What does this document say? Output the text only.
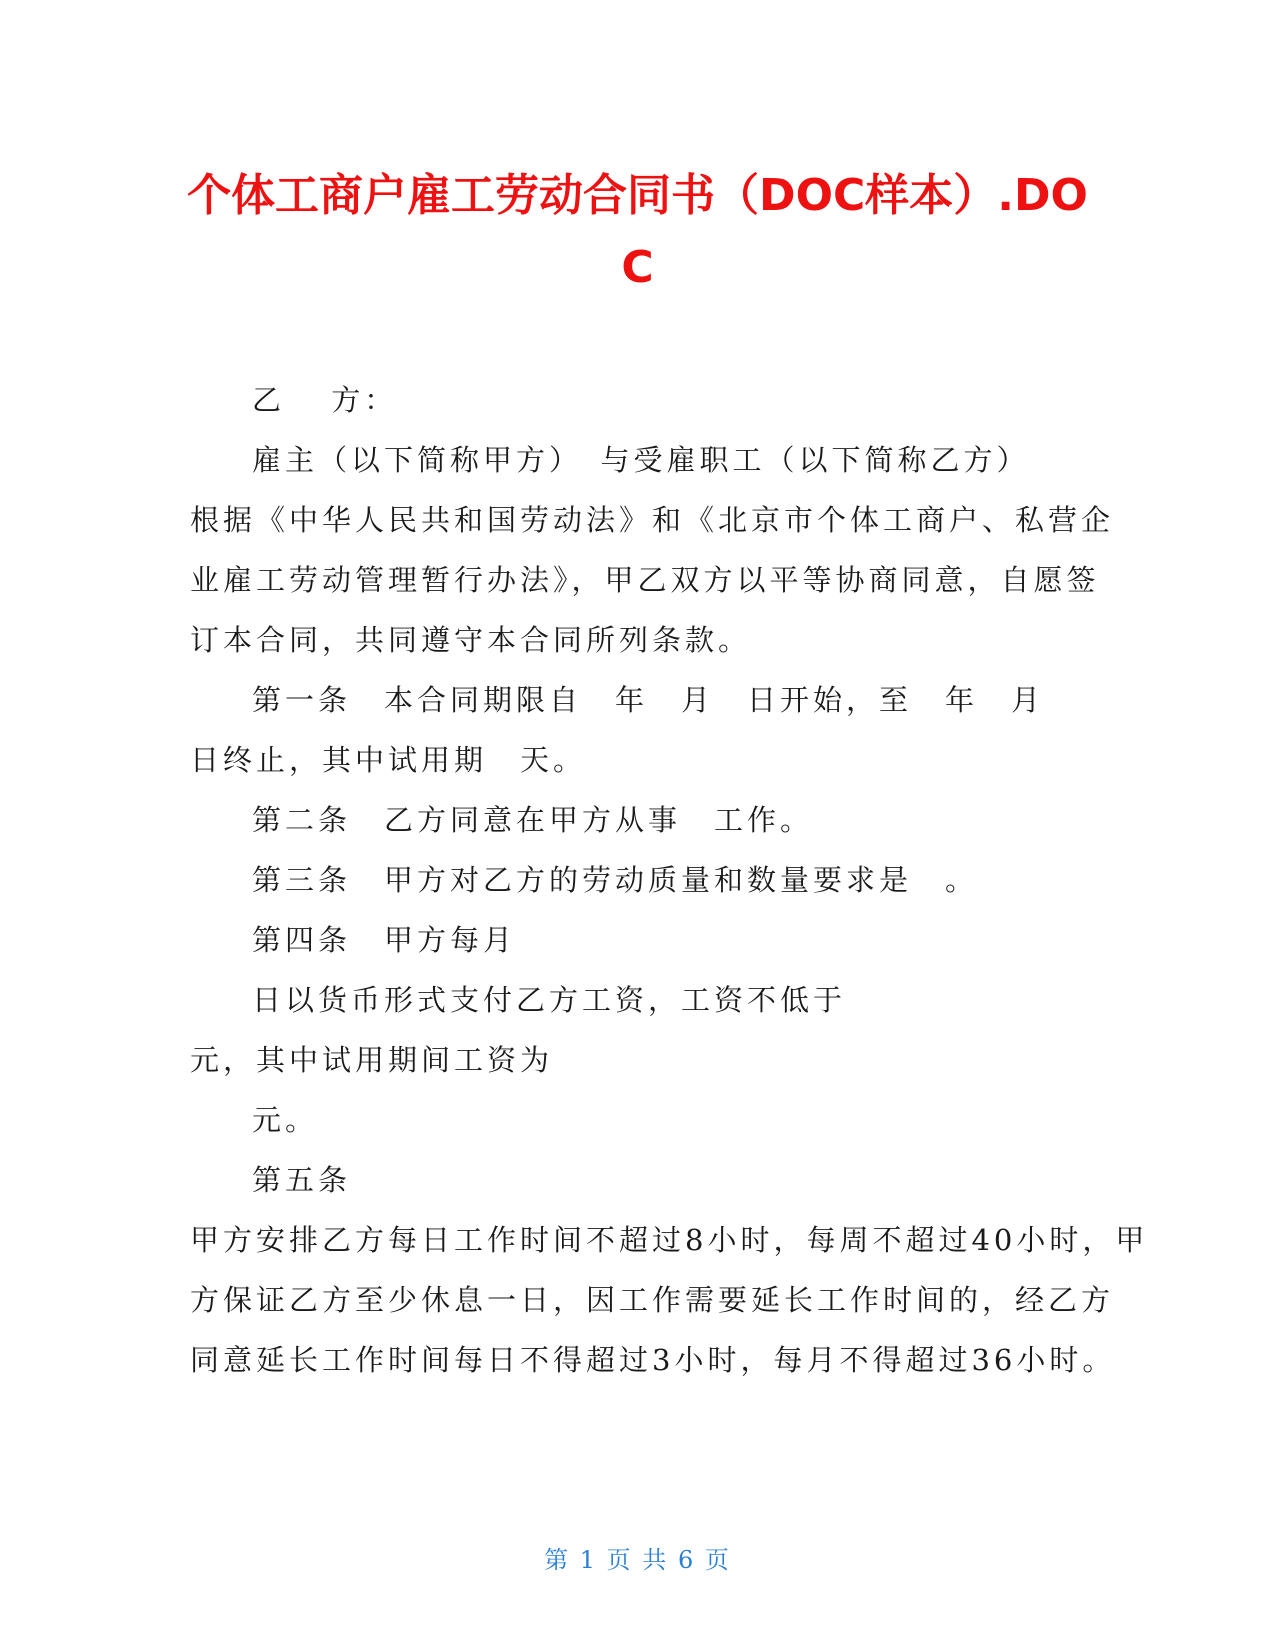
个体工商户雇工劳动合同书（DOC样本）.DOC
乙　 方：
雇主（以下简称甲方）　与受雇职工（以下简称乙方）
根据《中华人民共和国劳动法》和《北京市个体工商户、私营企
业雇工劳动管理暂行办法》，甲乙双方以平等协商同意，自愿签
订本合同，共同遵守本合同所列条款。
第一条　本合同期限自　年　月　日开始，至　年　月
日终止，其中试用期　天。
第二条　乙方同意在甲方从事　工作。
第三条　甲方对乙方的劳动质量和数量要求是　。
第四条　甲方每月
日以货币形式支付乙方工资，工资不低于
元，其中试用期间工资为
元。
第五条
甲方安排乙方每日工作时间不超过8小时，每周不超过40小时，甲
方保证乙方至少休息一日，因工作需要延长工作时间的，经乙方
同意延长工作时间每日不得超过3小时，每月不得超过36小时。
第 1 页 共 6 页
